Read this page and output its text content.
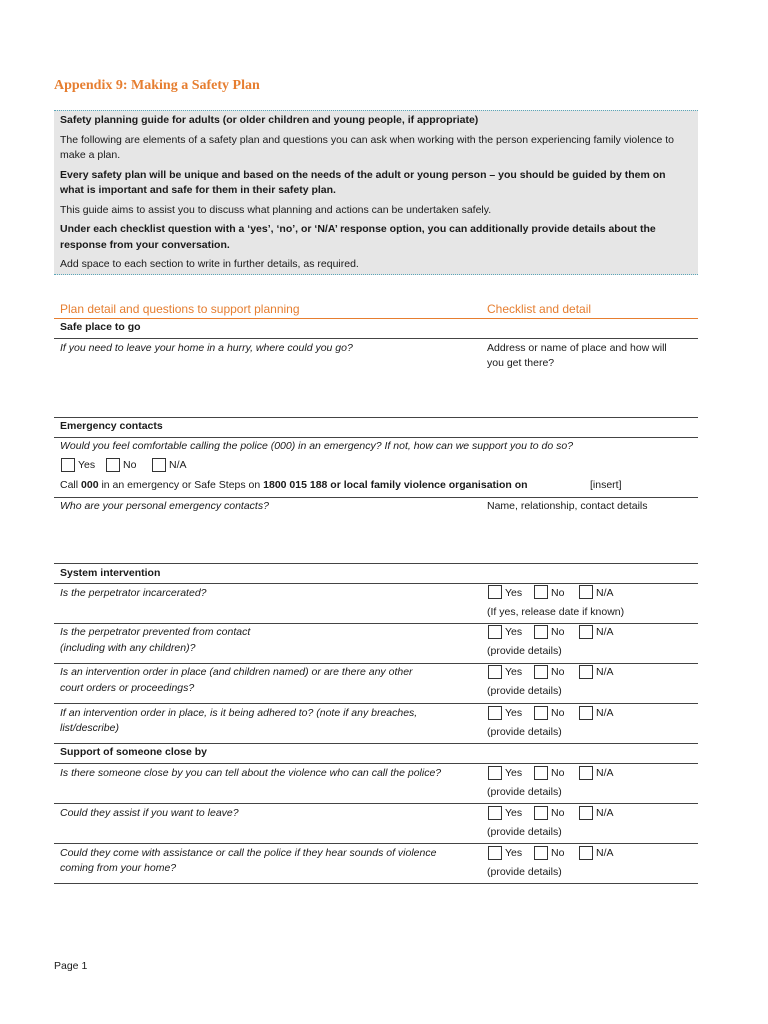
Appendix 9: Making a Safety Plan

Safety planning guide for adults (or older children and young people, if appropriate)

The following are elements of a safety plan and questions you can ask when working with the person experiencing family violence to make a plan.

Every safety plan will be unique and based on the needs of the adult or young person – you should be guided by them on what is important and safe for them in their safety plan.

This guide aims to assist you to discuss what planning and actions can be undertaken safely.

Under each checklist question with a ‘yes’, ‘no’, or ‘N/A’ response option, you can additionally provide details about the response from your conversation.

Add space to each section to write in further details, as required.

Plan detail and questions to support planning	Checklist and detail
Safe place to go
If you need to leave your home in a hurry, where could you go?	Address or name of place and how will
you get there?
Emergency contacts
Would you feel comfortable calling the police (000) in an emergency? If not, how can we support you to do so?
Yes	No	N/A
Call 000 in an emergency or Safe Steps on 1800 015 188 or local family violence organisation on	[insert]
Who are your personal emergency contacts?	Name, relationship, contact details
System intervention
Is the perpetrator incarcerated?	Yes	No	N/A
(If yes, release date if known)
Is the perpetrator prevented from contact
(including with any children)?
Yes	No	N/A
(provide details)
Is an intervention order in place (and children named) or are there any other
court orders or proceedings?
Yes	No	N/A
(provide details)
If an intervention order in place, is it being adhered to? (note if any breaches,
list/describe)
Yes	No	N/A
(provide details)
Support of someone close by
Is there someone close by you can tell about the violence who can call the police?	Yes	No	N/A
(provide details)
Could they assist if you want to leave?	Yes	No	N/A
(provide details)
Could they come with assistance or call the police if they hear sounds of violence
coming from your home?
Yes	No	N/A
(provide details)
Page 1
